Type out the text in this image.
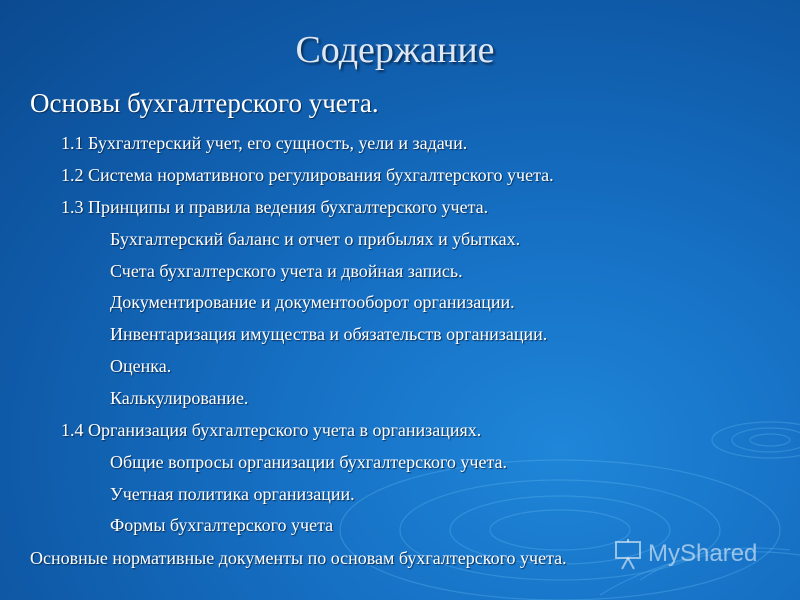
Содержание
Основы бухгалтерского учета.
1.1 Бухгалтерский учет, его сущность, уели и задачи.
1.2 Система нормативного регулирования бухгалтерского учета.
1.3 Принципы и правила ведения бухгалтерского учета.
Бухгалтерский баланс и отчет о прибылях и убытках.
Счета бухгалтерского учета и двойная запись.
Документирование и документооборот организации.
Инвентаризация имущества и обязательств организации.
Оценка.
Калькулирование.
1.4 Организация бухгалтерского учета в организациях.
Общие вопросы организации бухгалтерского учета.
Учетная политика организации.
Формы бухгалтерского учета
Основные нормативные документы по основам бухгалтерского учета.	MyShared
